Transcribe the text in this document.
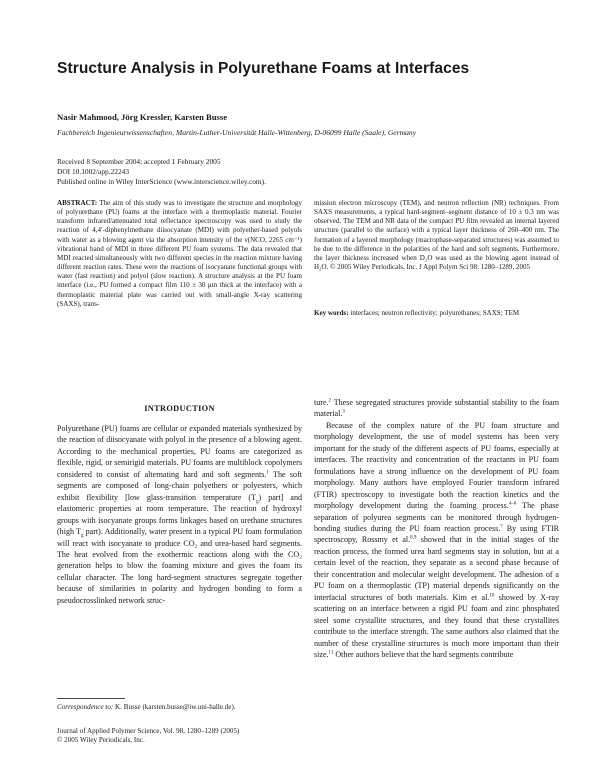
Structure Analysis in Polyurethane Foams at Interfaces
Nasir Mahmood, Jörg Kressler, Karsten Busse
Fachbereich Ingenieurwissenschaften, Martin-Luther-Universität Halle-Wittenberg, D-06099 Halle (Saale), Germany
Received 8 September 2004; accepted 1 February 2005
DOI 10.1002/app.22243
Published online in Wiley InterScience (www.interscience.wiley.com).
ABSTRACT: The aim of this study was to investigate the structure and morphology of polyurethane (PU) foams at the interface with a thermoplastic material. Fourier transform infrared/attenuated total reflectance spectroscopy was used to study the reaction of 4,4′-diphenylmethane diisocyanate (MDI) with polyether-based polyols with water as a blowing agent via the absorption intensity of the ν(NCO, 2265 cm⁻¹) vibrational band of MDI in three different PU foam systems. The data revealed that MDI reacted simultaneously with two different species in the reaction mixture having different reaction rates. These were the reactions of isocyanate functional groups with water (fast reaction) and polyol (slow reaction). A structure analysis at the PU foam interface (i.e., PU formed a compact film 110 ± 30 μm thick at the interface) with a thermoplastic material plate was carried out with small-angle X-ray scattering (SAXS), trans-
mission electron microscopy (TEM), and neutron reflection (NR) techniques. From SAXS measurements, a typical hard-segment–segment distance of 10 ± 0.3 nm was observed. The TEM and NR data of the compact PU film revealed an internal layered structure (parallel to the surface) with a typical layer thickness of 260–400 nm. The formation of a layered morphology (macrophase-separated structures) was assumed to be due to the difference in the polarities of the hard and soft segments. Furthermore, the layer thickness increased when D₂O was used as the blowing agent instead of H₂O. © 2005 Wiley Periodicals, Inc. J Appl Polym Sci 98: 1280–1289, 2005
Key words: interfaces; neutron reflectivity; polyurethanes; SAXS; TEM
INTRODUCTION

Polyurethane (PU) foams are cellular or expanded materials synthesized by the reaction of diisocyanate with polyol in the presence of a blowing agent. According to the mechanical properties, PU foams are categorized as flexible, rigid, or semirigid materials. PU foams are multiblock copolymers considered to consist of alternating hard and soft segments.$^1$ The soft segments are composed of long-chain polyethers or polyesters, which exhibit flexibility [low glass-transition temperature $(T_g)$ part] and elastomeric properties at room temperature. The reaction of hydroxyl groups with isocyanate groups forms linkages based on urethane structures (high $T_g$ part). Additionally, water present in a typical PU foam formulation will react with isocyanate to produce CO₂ and urea-based hard segments. The heat evolved from the exothermic reactions along with the CO₂ generation helps to blow the foaming mixture and gives the foam its cellular character. The long hard-segment structures segregate together because of similarities in polarity and hydrogen bonding to form a pseudocrosslinked network struc-

ture.$^2$ These segregated structures provide substantial stability to the foam material.$^3$

Because of the complex nature of the PU foam structure and morphology development, the use of model systems has been very important for the study of the different aspects of PU foams, especially at interfaces. The reactivity and concentration of the reactants in PU foam formulations have a strong influence on the development of PU foam morphology. Many authors have employed Fourier transform infrared (FTIR) spectroscopy to investigate both the reaction kinetics and the morphology development during the foaming process.$^{4-6}$ The phase separation of polyurea segments can be monitored through hydrogen-bonding studies during the PU foam reaction process.$^7$ By using FTIR spectroscopy, Rossmy et al.$^{8,9}$ showed that in the initial stages of the reaction process, the formed urea hard segments stay in solution, but at a certain level of the reaction, they separate as a second phase because of their concentration and molecular weight development. The adhesion of a PU foam on a thermoplastic (TP) material depends significantly on the interfacial structures of both materials. Kim et al.$^{10}$ showed by X-ray scattering on an interface between a rigid PU foam and zinc phosphated steel some crystallite structures, and they found that these crystallites contribute to the interface strength. The same authors also claimed that the number of these crystalline structures is much more important than their size.$^{11}$ Other authors believe that the hard segments contribute

Correspondence to: K. Busse (karsten.busse@iw.uni-halle.de).
Journal of Applied Polymer Science, Vol. 98, 1280–1289 (2005)
© 2005 Wiley Periodicals, Inc.
